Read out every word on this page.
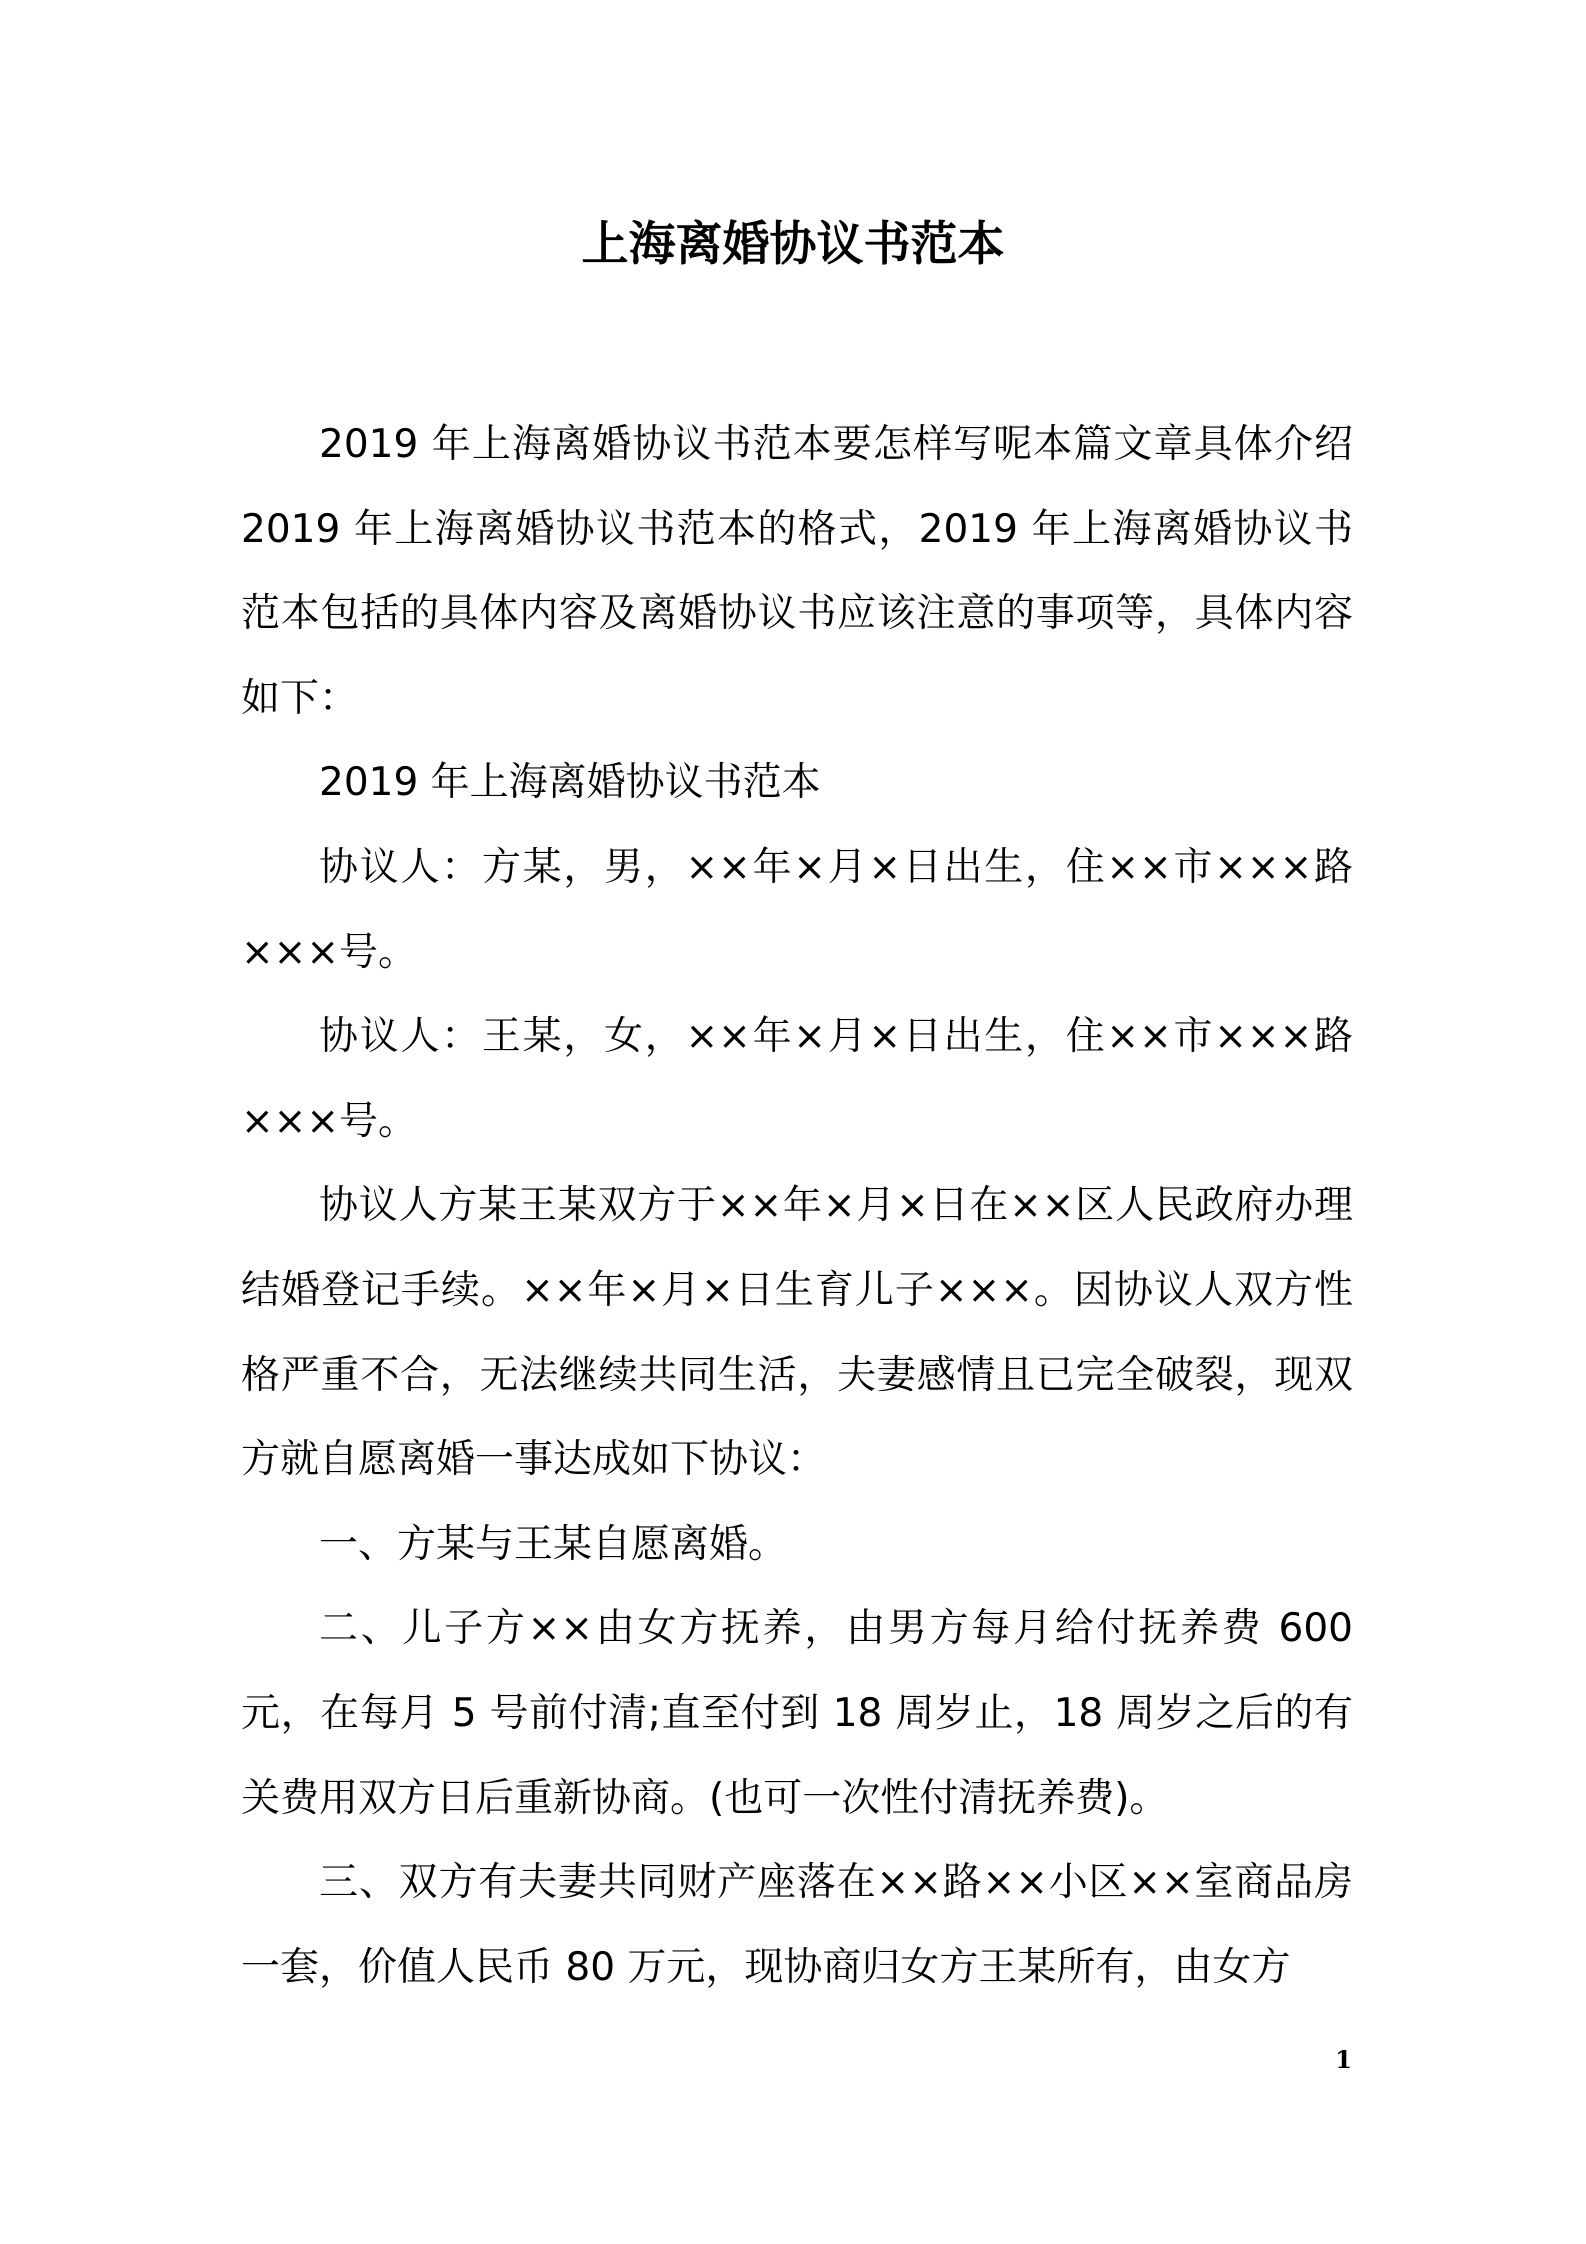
上海离婚协议书范本

2019 年上海离婚协议书范本要怎样写呢本篇文章具体介绍2019 年上海离婚协议书范本的格式，2019 年上海离婚协议书范本包括的具体内容及离婚协议书应该注意的事项等，具体内容如下：

2019 年上海离婚协议书范本

协议人：方某，男，××年×月×日出生，住××市×××路×××号。

协议人：王某，女，××年×月×日出生，住××市×××路×××号。

协议人方某王某双方于××年×月×日在××区人民政府办理结婚登记手续。××年×月×日生育儿子×××。因协议人双方性格严重不合，无法继续共同生活，夫妻感情且已完全破裂，现双方就自愿离婚一事达成如下协议：

一、方某与王某自愿离婚。

二、儿子方××由女方抚养，由男方每月给付抚养费 600 元，在每月 5 号前付清;直至付到 18 周岁止，18 周岁之后的有关费用双方日后重新协商。(也可一次性付清抚养费)。

三、双方有夫妻共同财产座落在××路××小区××室商品房一套，价值人民币 80 万元，现协商归女方王某所有，由女方

1
